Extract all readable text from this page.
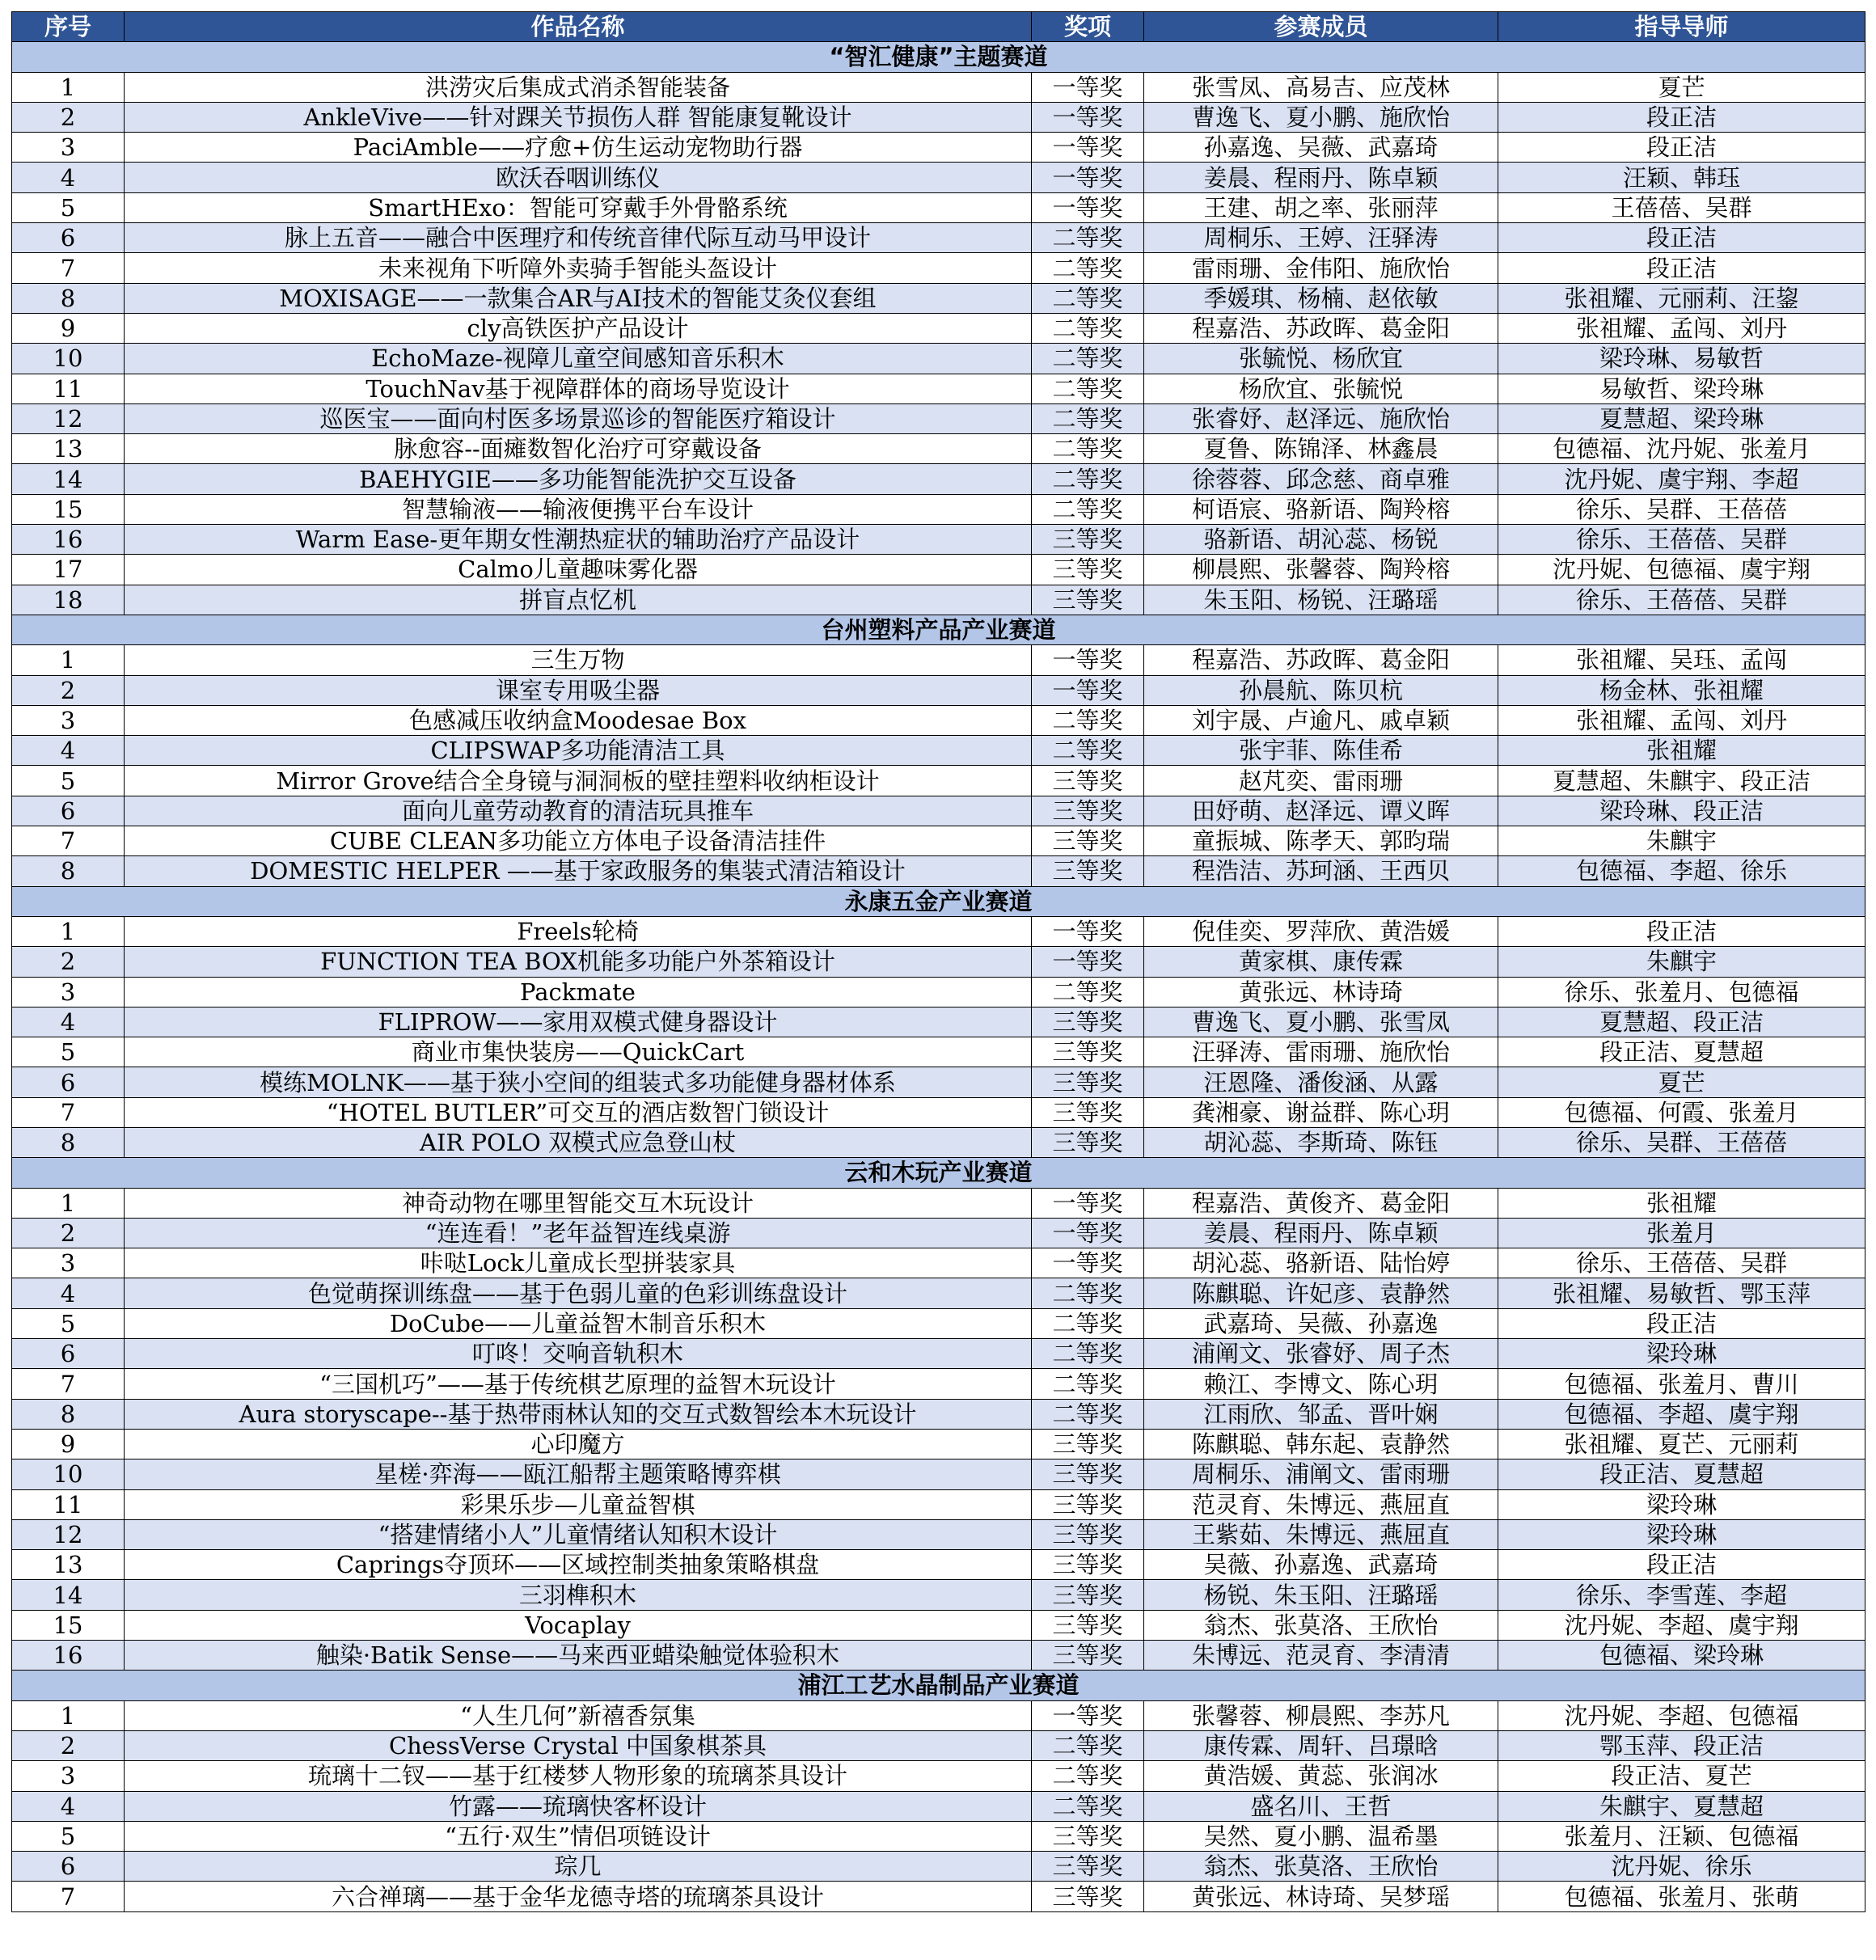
序号	作品名称	奖项	参赛成员	指导导师
“智汇健康”主题赛道				
1	洪涝灾后集成式消杀智能装备	一等奖	张雪凤、高易吉、应茂林	夏芒
2	AnkleVive——针对踝关节损伤人群 智能康复靴设计	一等奖	曹逸飞、夏小鹏、施欣怡	段正洁
3	PaciAmble——疗愈+仿生运动宠物助行器	一等奖	孙嘉逸、吴薇、武嘉琦	段正洁
4	欧沃吞咽训练仪	一等奖	姜晨、程雨丹、陈卓颖	汪颖、韩珏
5	SmartHExo：智能可穿戴手外骨骼系统	一等奖	王建、胡之率、张丽萍	王蓓蓓、吴群
6	脉上五音——融合中医理疗和传统音律代际互动马甲设计	二等奖	周桐乐、王婷、汪驿涛	段正洁
7	未来视角下听障外卖骑手智能头盔设计	二等奖	雷雨珊、金伟阳、施欣怡	段正洁
8	MOXISAGE——一款集合AR与AI技术的智能艾灸仪套组	二等奖	季媛琪、杨楠、赵依敏	张祖耀、元丽莉、汪鋆
9	cly高铁医护产品设计	二等奖	程嘉浩、苏政晖、葛金阳	张祖耀、孟闯、刘丹
10	EchoMaze-视障儿童空间感知音乐积木	二等奖	张毓悦、杨欣宜	梁玲琳、易敏哲
11	TouchNav基于视障群体的商场导览设计	二等奖	杨欣宜、张毓悦	易敏哲、梁玲琳
12	巡医宝——面向村医多场景巡诊的智能医疗箱设计	二等奖	张睿妤、赵泽远、施欣怡	夏慧超、梁玲琳
13	脉愈容--面瘫数智化治疗可穿戴设备	二等奖	夏鲁、陈锦泽、林鑫晨	包德福、沈丹妮、张羞月
14	BAEHYGIE——多功能智能洗护交互设备	二等奖	徐蓉蓉、邱念慈、商卓雅	沈丹妮、虞宇翔、李超
15	智慧输液——输液便携平台车设计	二等奖	柯语宸、骆新语、陶羚榕	徐乐、吴群、王蓓蓓
16	Warm Ease-更年期女性潮热症状的辅助治疗产品设计	三等奖	骆新语、胡沁蕊、杨锐	徐乐、王蓓蓓、吴群
17	Calmo儿童趣味雾化器	三等奖	柳晨熙、张馨蓉、陶羚榕	沈丹妮、包德福、虞宇翔
18	拼盲点忆机	三等奖	朱玉阳、杨锐、汪璐瑶	徐乐、王蓓蓓、吴群
台州塑料产品产业赛道				
1	三生万物	一等奖	程嘉浩、苏政晖、葛金阳	张祖耀、吴珏、孟闯
2	课室专用吸尘器	一等奖	孙晨航、陈贝杭	杨金林、张祖耀
3	色感减压收纳盒Moodesae Box	二等奖	刘宇晟、卢逾凡、戚卓颖	张祖耀、孟闯、刘丹
4	CLIPSWAP多功能清洁工具	二等奖	张宇菲、陈佳希	张祖耀
5	Mirror Grove结合全身镜与洞洞板的壁挂塑料收纳柜设计	三等奖	赵芃奕、雷雨珊	夏慧超、朱麒宇、段正洁
6	面向儿童劳动教育的清洁玩具推车	三等奖	田妤萌、赵泽远、谭义晖	梁玲琳、段正洁
7	CUBE CLEAN多功能立方体电子设备清洁挂件	三等奖	童振城、陈孝天、郭昀瑞	朱麒宇
8	DOMESTIC HELPER ——基于家政服务的集装式清洁箱设计	三等奖	程浩洁、苏珂涵、王西贝	包德福、李超、徐乐
永康五金产业赛道				
1	Freels轮椅	一等奖	倪佳奕、罗萍欣、黄浩媛	段正洁
2	FUNCTION TEA BOX机能多功能户外茶箱设计	一等奖	黄家棋、康传霖	朱麒宇
3	Packmate	二等奖	黄张远、林诗琦	徐乐、张羞月、包德福
4	FLIPROW——家用双模式健身器设计	三等奖	曹逸飞、夏小鹏、张雪凤	夏慧超、段正洁
5	商业市集快装房——QuickCart	三等奖	汪驿涛、雷雨珊、施欣怡	段正洁、夏慧超
6	模练MOLNK——基于狭小空间的组装式多功能健身器材体系	三等奖	汪恩隆、潘俊涵、从露	夏芒
7	“HOTEL BUTLER”可交互的酒店数智门锁设计	三等奖	龚湘豪、谢益群、陈心玥	包德福、何霞、张羞月
8	AIR POLO 双模式应急登山杖	三等奖	胡沁蕊、李斯琦、陈钰	徐乐、吴群、王蓓蓓
云和木玩产业赛道				
1	神奇动物在哪里智能交互木玩设计	一等奖	程嘉浩、黄俊齐、葛金阳	张祖耀
2	“连连看！”老年益智连线桌游	一等奖	姜晨、程雨丹、陈卓颖	张羞月
3	咔哒Lock儿童成长型拼装家具	一等奖	胡沁蕊、骆新语、陆怡婷	徐乐、王蓓蓓、吴群
4	色觉萌探训练盘——基于色弱儿童的色彩训练盘设计	二等奖	陈麒聪、许妃彦、袁静然	张祖耀、易敏哲、鄂玉萍
5	DoCube——儿童益智木制音乐积木	二等奖	武嘉琦、吴薇、孙嘉逸	段正洁
6	叮咚！交响音轨积木	二等奖	浦阐文、张睿妤、周子杰	梁玲琳
7	“三国机巧”——基于传统棋艺原理的益智木玩设计	二等奖	赖江、李博文、陈心玥	包德福、张羞月、曹川
8	Aura storyscape--基于热带雨林认知的交互式数智绘本木玩设计	二等奖	江雨欣、邹孟、晋叶娴	包德福、李超、虞宇翔
9	心印魔方	三等奖	陈麒聪、韩东起、袁静然	张祖耀、夏芒、元丽莉
10	星槎·弈海——瓯江船帮主题策略博弈棋	三等奖	周桐乐、浦阐文、雷雨珊	段正洁、夏慧超
11	彩果乐步—儿童益智棋	三等奖	范灵育、朱博远、燕屈直	梁玲琳
12	“搭建情绪小人”儿童情绪认知积木设计	三等奖	王紫茹、朱博远、燕屈直	梁玲琳
13	Caprings夺顶环——区域控制类抽象策略棋盘	三等奖	吴薇、孙嘉逸、武嘉琦	段正洁
14	三羽榫积木	三等奖	杨锐、朱玉阳、汪璐瑶	徐乐、李雪莲、李超
15	Vocaplay	三等奖	翁杰、张莫洛、王欣怡	沈丹妮、李超、虞宇翔
16	触染·Batik Sense——马来西亚蜡染触觉体验积木	三等奖	朱博远、范灵育、李清清	包德福、梁玲琳
浦江工艺水晶制品产业赛道				
1	“人生几何”新禧香氛集	一等奖	张馨蓉、柳晨熙、李苏凡	沈丹妮、李超、包德福
2	ChessVerse Crystal 中国象棋茶具	二等奖	康传霖、周轩、吕璟晗	鄂玉萍、段正洁
3	琉璃十二钗——基于红楼梦人物形象的琉璃茶具设计	二等奖	黄浩媛、黄蕊、张润冰	段正洁、夏芒
4	竹露——琉璃快客杯设计	二等奖	盛名川、王哲	朱麒宇、夏慧超
5	“五行·双生”情侣项链设计	三等奖	吴然、夏小鹏、温希墨	张羞月、汪颖、包德福
6	琮几	三等奖	翁杰、张莫洛、王欣怡	沈丹妮、徐乐
7	六合禅璃——基于金华龙德寺塔的琉璃茶具设计	三等奖	黄张远、林诗琦、吴梦瑶	包德福、张羞月、张萌
